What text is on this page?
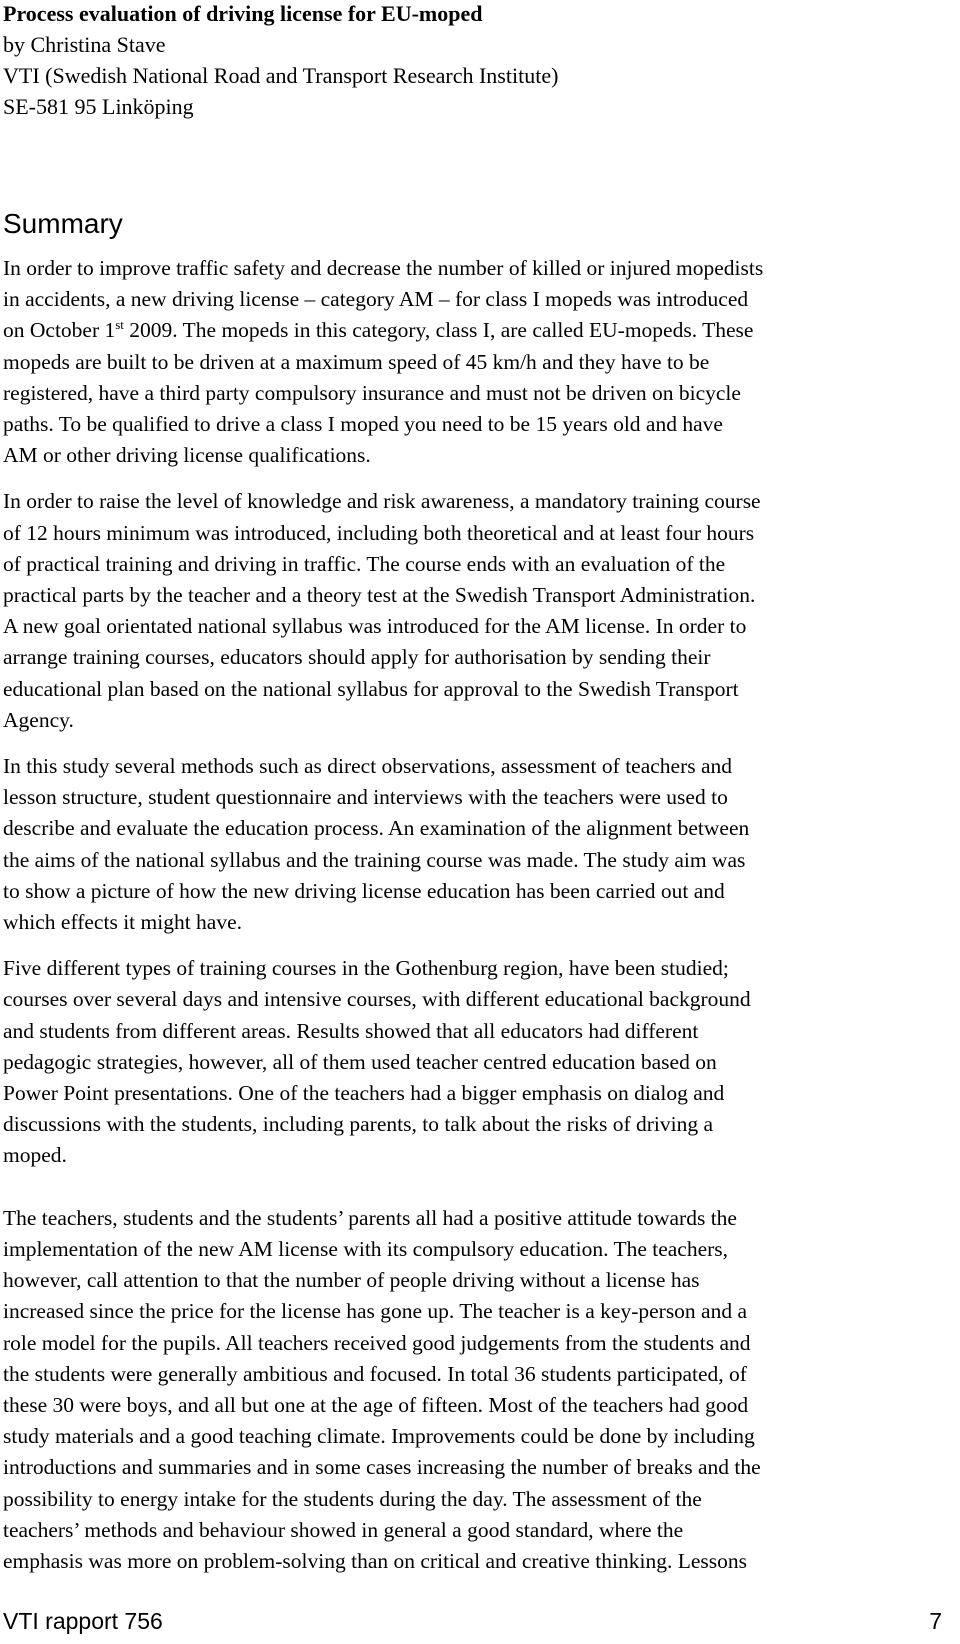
Process evaluation of driving license for EU-moped
by Christina Stave
VTI (Swedish National Road and Transport Research Institute)
SE-581 95 Linköping
Summary

In order to improve traffic safety and decrease the number of killed or injured mopedists
in accidents, a new driving license – category AM – for class I mopeds was introduced
on October 1st 2009. The mopeds in this category, class I, are called EU-mopeds. These
mopeds are built to be driven at a maximum speed of 45 km/h and they have to be
registered, have a third party compulsory insurance and must not be driven on bicycle
paths. To be qualified to drive a class I moped you need to be 15 years old and have
AM or other driving license qualifications.

In order to raise the level of knowledge and risk awareness, a mandatory training course
of 12 hours minimum was introduced, including both theoretical and at least four hours
of practical training and driving in traffic. The course ends with an evaluation of the
practical parts by the teacher and a theory test at the Swedish Transport Administration.
A new goal orientated national syllabus was introduced for the AM license. In order to
arrange training courses, educators should apply for authorisation by sending their
educational plan based on the national syllabus for approval to the Swedish Transport
Agency.

In this study several methods such as direct observations, assessment of teachers and
lesson structure, student questionnaire and interviews with the teachers were used to
describe and evaluate the education process. An examination of the alignment between
the aims of the national syllabus and the training course was made. The study aim was
to show a picture of how the new driving license education has been carried out and
which effects it might have.

Five different types of training courses in the Gothenburg region, have been studied;
courses over several days and intensive courses, with different educational background
and students from different areas. Results showed that all educators had different
pedagogic strategies, however, all of them used teacher centred education based on
Power Point presentations. One of the teachers had a bigger emphasis on dialog and
discussions with the students, including parents, to talk about the risks of driving a
moped.

The teachers, students and the students’ parents all had a positive attitude towards the
implementation of the new AM license with its compulsory education. The teachers,
however, call attention to that the number of people driving without a license has
increased since the price for the license has gone up. The teacher is a key-person and a
role model for the pupils. All teachers received good judgements from the students and
the students were generally ambitious and focused. In total 36 students participated, of
these 30 were boys, and all but one at the age of fifteen. Most of the teachers had good
study materials and a good teaching climate. Improvements could be done by including
introductions and summaries and in some cases increasing the number of breaks and the
possibility to energy intake for the students during the day. The assessment of the
teachers’ methods and behaviour showed in general a good standard, where the
emphasis was more on problem-solving than on critical and creative thinking. Lessons

VTI rapport 756	7
